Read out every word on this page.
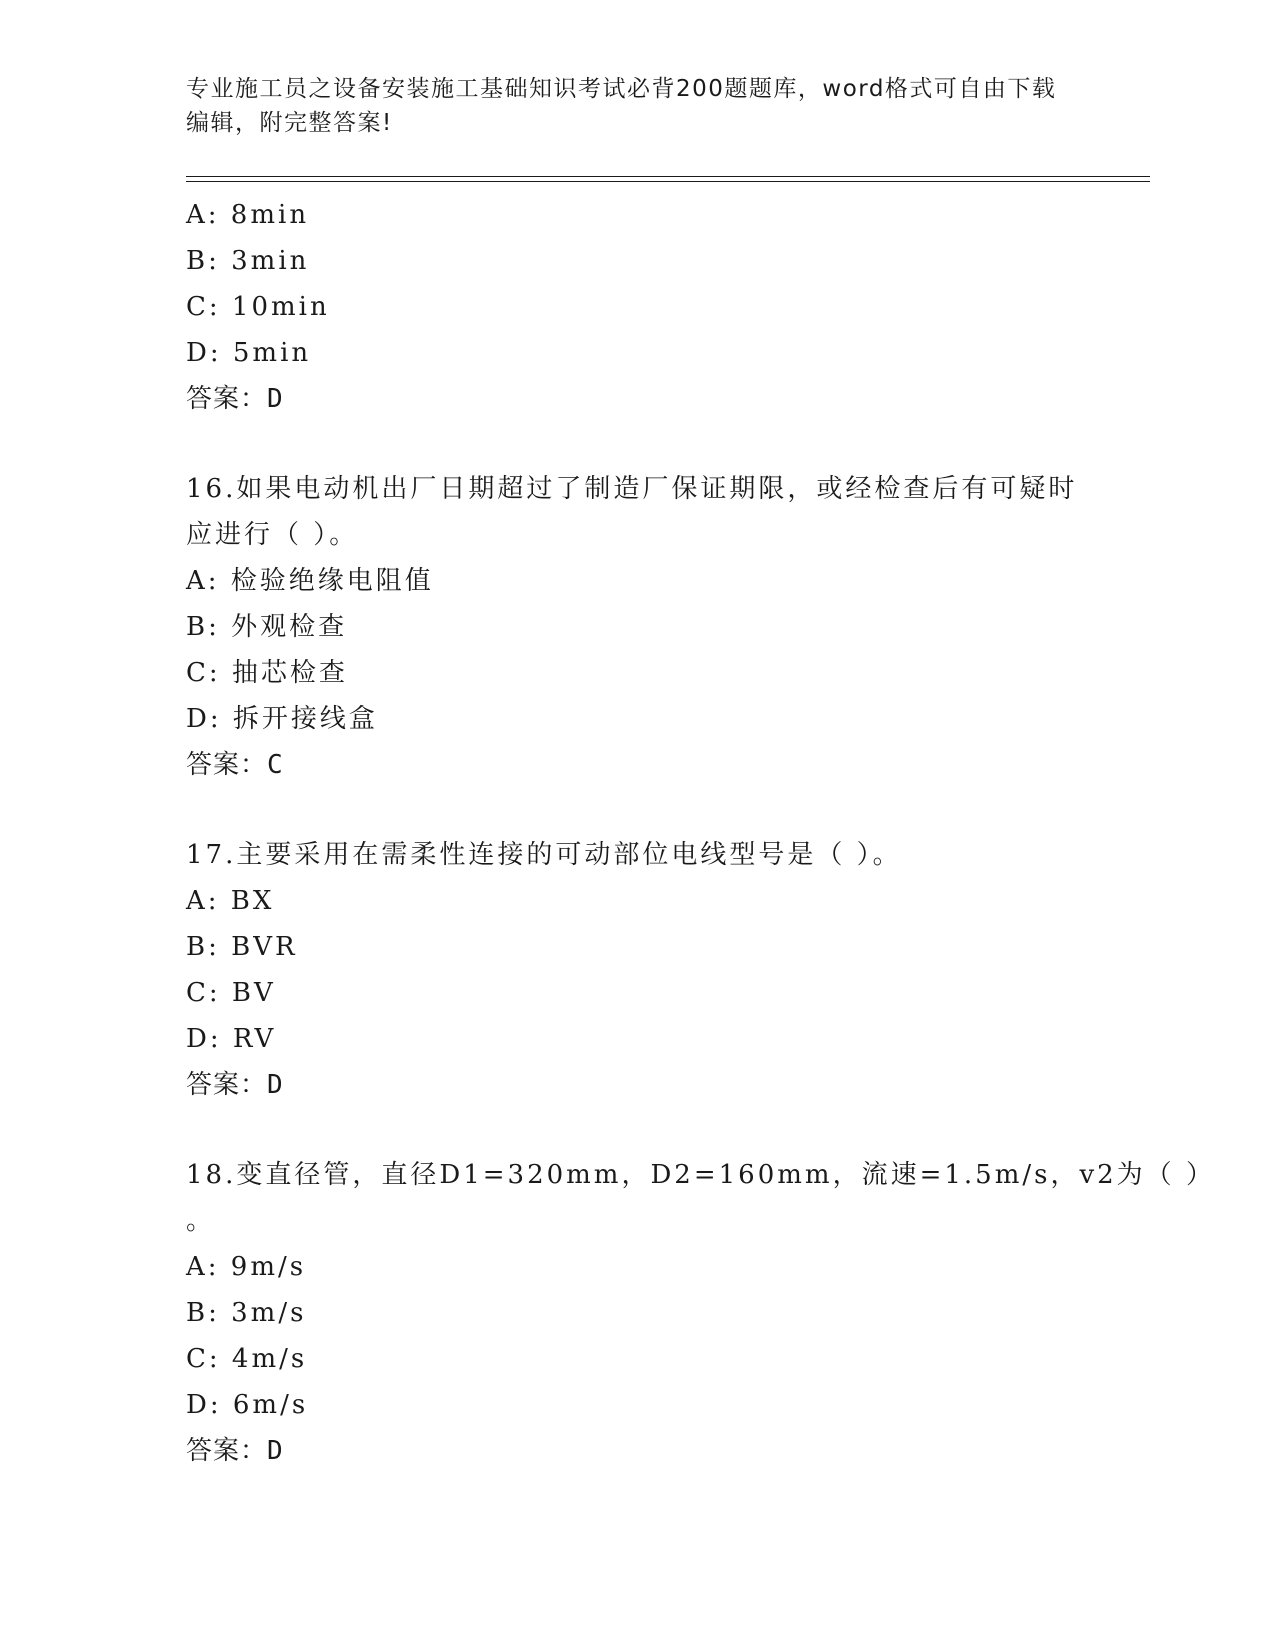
专业施工员之设备安装施工基础知识考试必背200题题库，word格式可自由下载
编辑，附完整答案!
A: 8min
B: 3min
C: 10min
D: 5min
答案：D
16.如果电动机出厂日期超过了制造厂保证期限，或经检查后有可疑时
应进行（ ）。
A: 检验绝缘电阻值
B: 外观检查
C: 抽芯检查
D: 拆开接线盒
答案：C
17.主要采用在需柔性连接的可动部位电线型号是（ ）。
A: BX
B: BVR
C: BV
D: RV
答案：D
18.变直径管，直径D1=320mm，D2=160mm，流速=1.5m/s，v2为（ ）
。
A: 9m/s
B: 3m/s
C: 4m/s
D: 6m/s
答案：D
